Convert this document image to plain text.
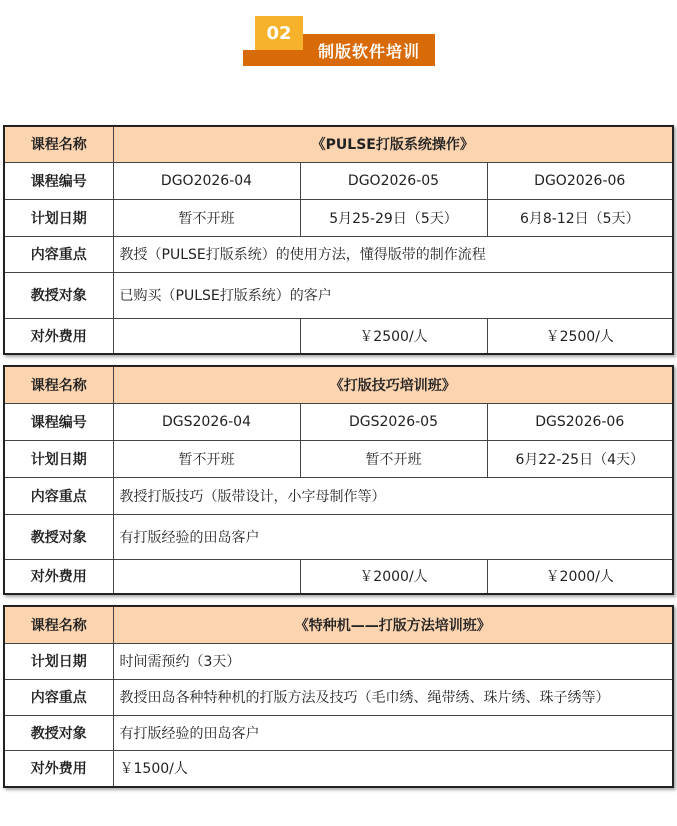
02
制版软件培训
课程名称	《PULSE打版系统操作》		
课程编号	DGO2026-04	DGO2026-05	DGO2026-06
计划日期	暂不开班	5月25-29日（5天）	6月8-12日（5天）
内容重点	教授（PULSE打版系统）的使用方法，懂得版带的制作流程		
教授对象	已购买（PULSE打版系统）的客户		
对外费用		￥2500/人	￥2500/人
课程名称	《打版技巧培训班》		
课程编号	DGS2026-04	DGS2026-05	DGS2026-06
计划日期	暂不开班	暂不开班	6月22-25日（4天）
内容重点	教授打版技巧（版带设计，小字母制作等）		
教授对象	有打版经验的田岛客户		
对外费用		￥2000/人	￥2000/人
课程名称	《特种机——打版方法培训班》
计划日期	时间需预约（3天）
内容重点	教授田岛各种特种机的打版方法及技巧（毛巾绣、绳带绣、珠片绣、珠子绣等）
教授对象	有打版经验的田岛客户
对外费用	￥1500/人
